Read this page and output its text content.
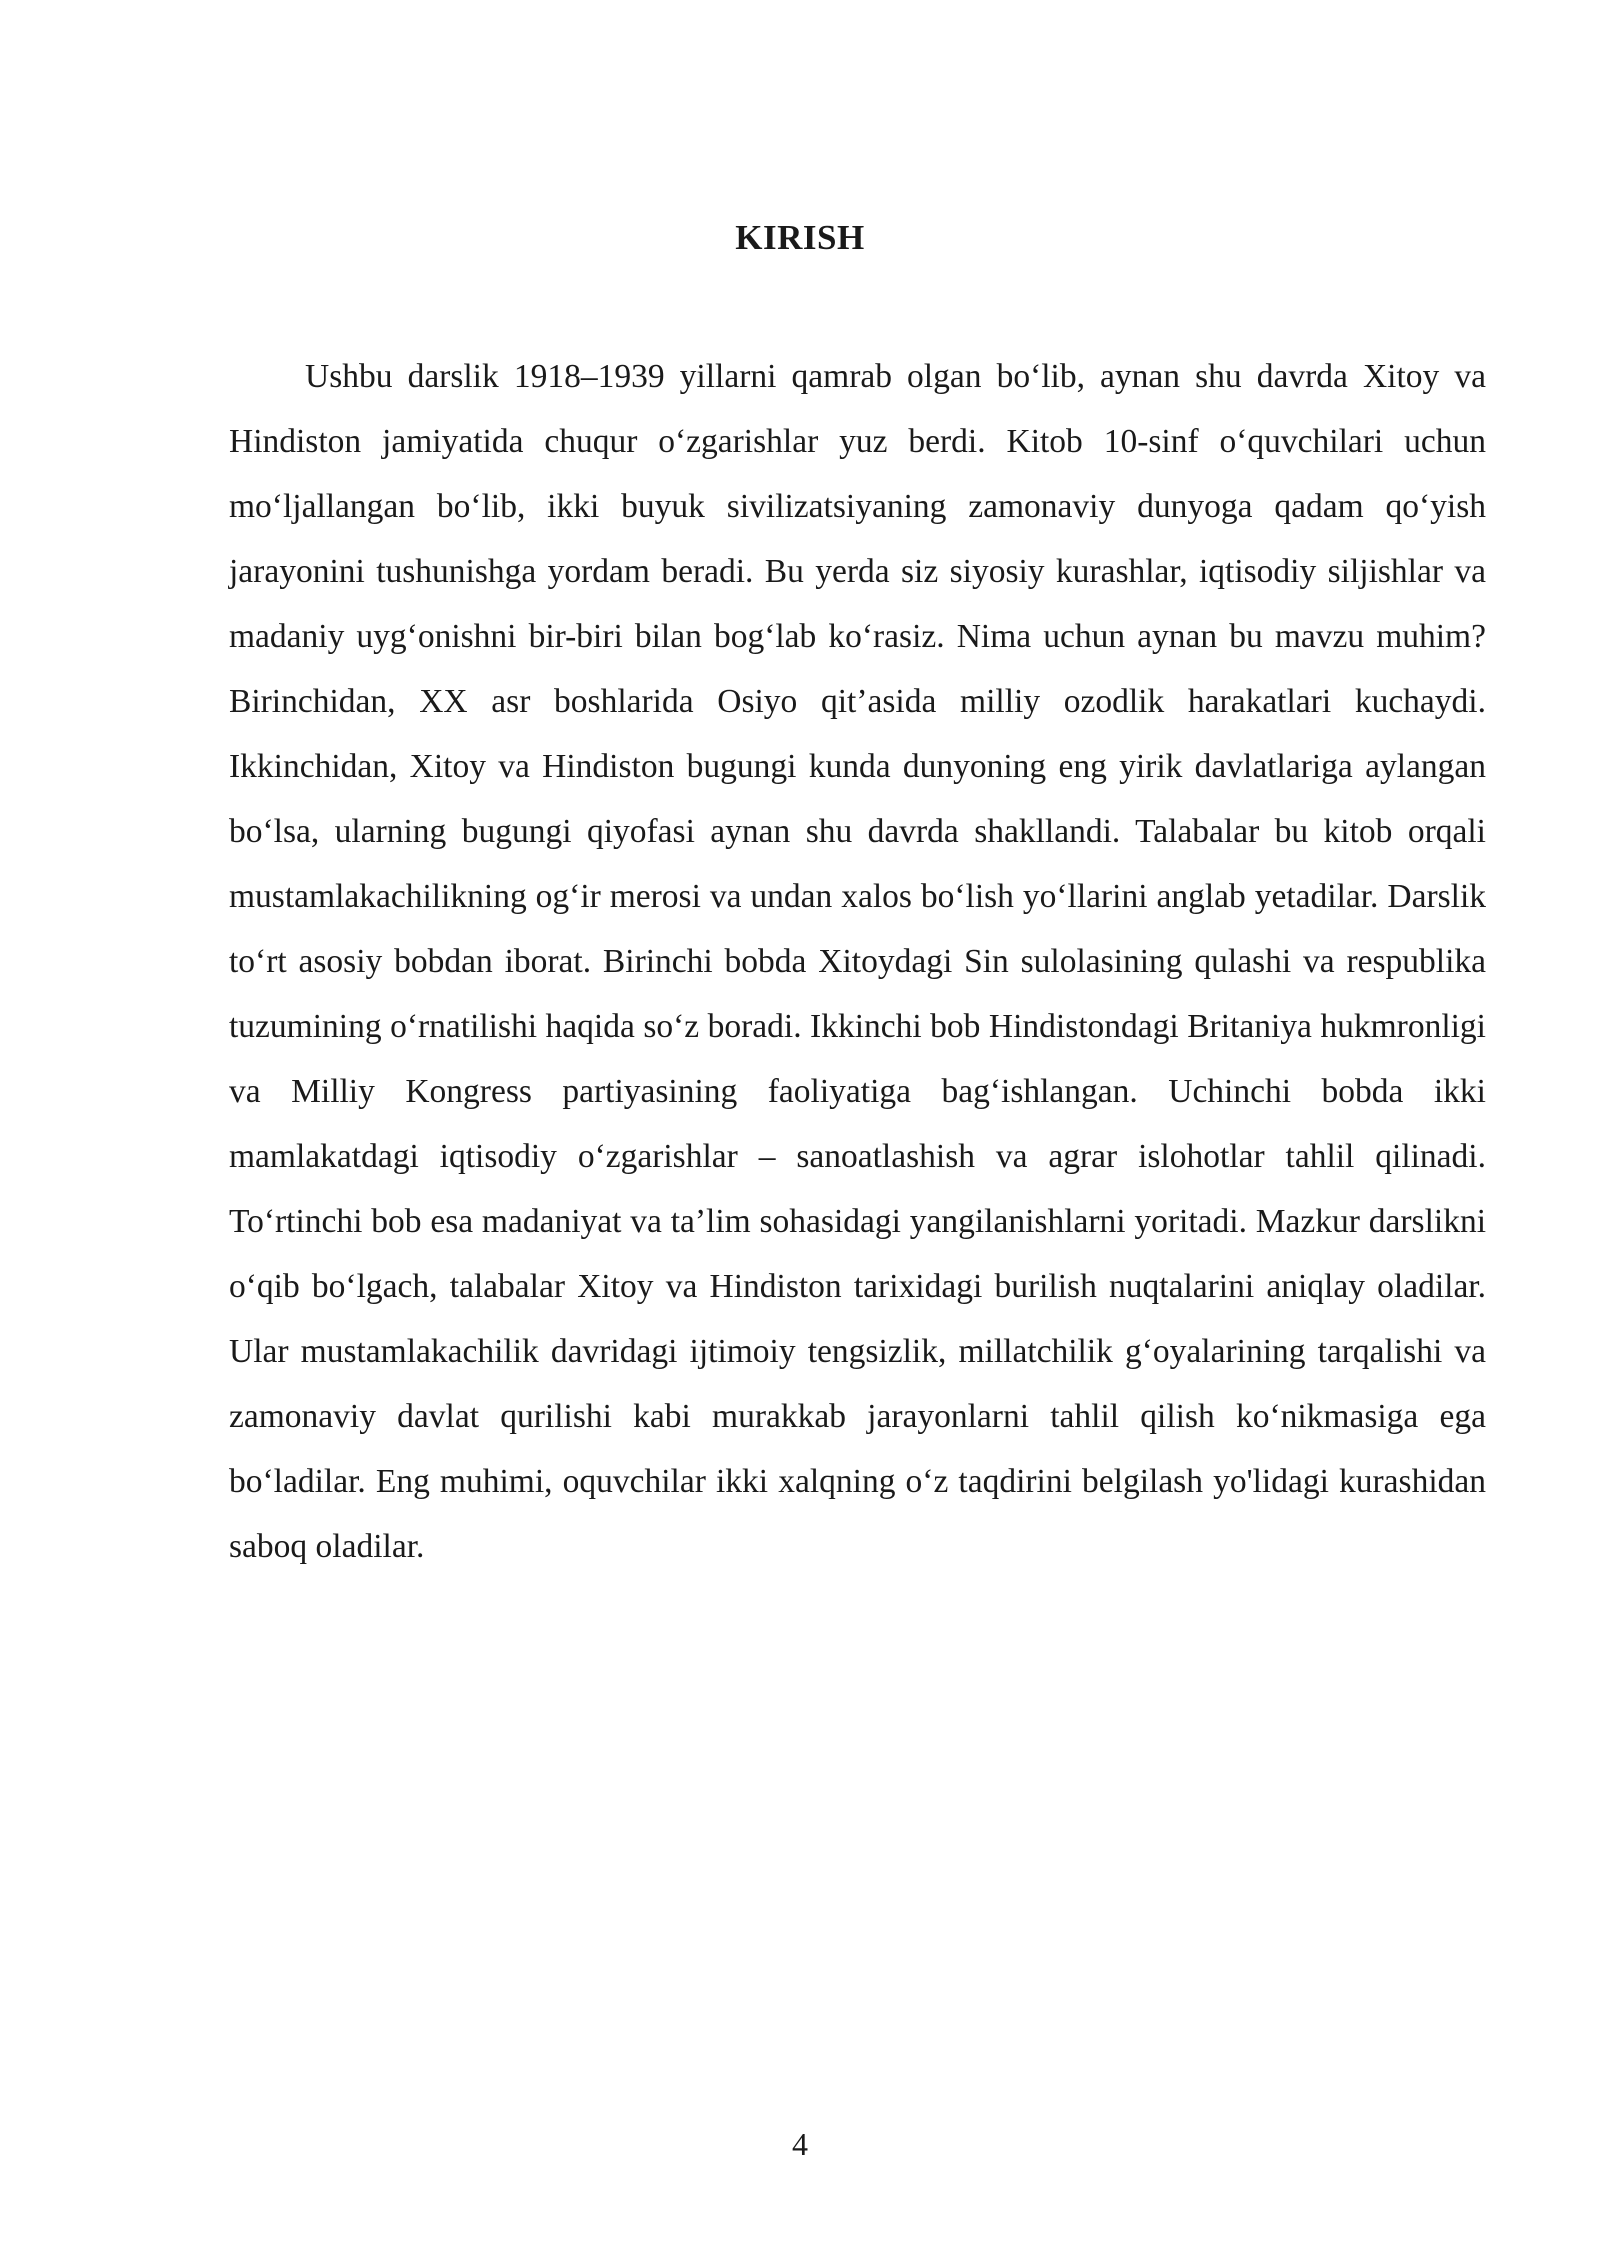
KIRISH

Ushbu darslik 1918–1939 yillarni qamrab olgan bo‘lib, aynan shu davrda Xitoy va Hindiston jamiyatida chuqur o‘zgarishlar yuz berdi. Kitob 10-sinf o‘quvchilari uchun mo‘ljallangan bo‘lib, ikki buyuk sivilizatsiyaning zamonaviy dunyoga qadam qo‘yish jarayonini tushunishga yordam beradi. Bu yerda siz siyosiy kurashlar, iqtisodiy siljishlar va madaniy uyg‘onishni bir-biri bilan bog‘lab ko‘rasiz. Nima uchun aynan bu mavzu muhim? Birinchidan, XX asr boshlarida Osiyo qit’asida milliy ozodlik harakatlari kuchaydi. Ikkinchidan, Xitoy va Hindiston bugungi kunda dunyoning eng yirik davlatlariga aylangan bo‘lsa, ularning bugungi qiyofasi aynan shu davrda shakllandi. Talabalar bu kitob orqali mustamlakachilikning og‘ir merosi va undan xalos bo‘lish yo‘llarini anglab yetadilar. Darslik to‘rt asosiy bobdan iborat. Birinchi bobda Xitoydagi Sin sulolasining qulashi va respublika tuzumining o‘rnatilishi haqida so‘z boradi. Ikkinchi bob Hindistondagi Britaniya hukmronligi va Milliy Kongress partiyasining faoliyatiga bag‘ishlangan. Uchinchi bobda ikki mamlakatdagi iqtisodiy o‘zgarishlar – sanoatlashish va agrar islohotlar tahlil qilinadi. To‘rtinchi bob esa madaniyat va ta’lim sohasidagi yangilanishlarni yoritadi. Mazkur darslikni o‘qib bo‘lgach, talabalar Xitoy va Hindiston tarixidagi burilish nuqtalarini aniqlay oladilar. Ular mustamlakachilik davridagi ijtimoiy tengsizlik, millatchilik g‘oyalarining tarqalishi va zamonaviy davlat qurilishi kabi murakkab jarayonlarni tahlil qilish ko‘nikmasiga ega bo‘ladilar. Eng muhimi, oquvchilar ikki xalqning o‘z taqdirini belgilash yo'lidagi kurashidan saboq oladilar.

4
